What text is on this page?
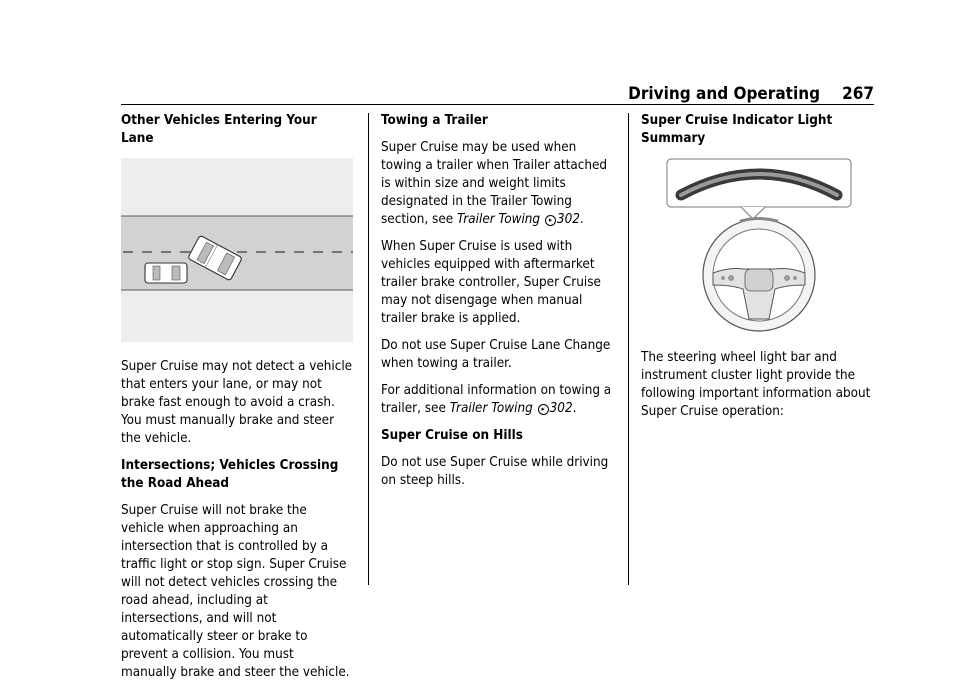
Driving and Operating 267
Other Vehicles Entering Your Lane

Super Cruise may not detect a vehicle that enters your lane, or may not brake fast enough to avoid a crash. You must manually brake and steer the vehicle.

Intersections; Vehicles Crossing the Road Ahead

Super Cruise will not brake the vehicle when approaching an intersection that is controlled by a traffic light or stop sign. Super Cruise will not detect vehicles crossing the road ahead, including at intersections, and will not automatically steer or brake to prevent a collision. You must manually brake and steer the vehicle.

Towing a Trailer

Super Cruise may be used when towing a trailer when Trailer attached is within size and weight limits designated in the Trailer Towing section, see Trailer Towing ▸ 302.

When Super Cruise is used with vehicles equipped with aftermarket trailer brake controller, Super Cruise may not disengage when manual trailer brake is applied.

Do not use Super Cruise Lane Change when towing a trailer.

For additional information on towing a trailer, see Trailer Towing ▸ 302.

Super Cruise on Hills

Do not use Super Cruise while driving on steep hills.

Super Cruise Indicator Light Summary

The steering wheel light bar and instrument cluster light provide the following important information about Super Cruise operation:
